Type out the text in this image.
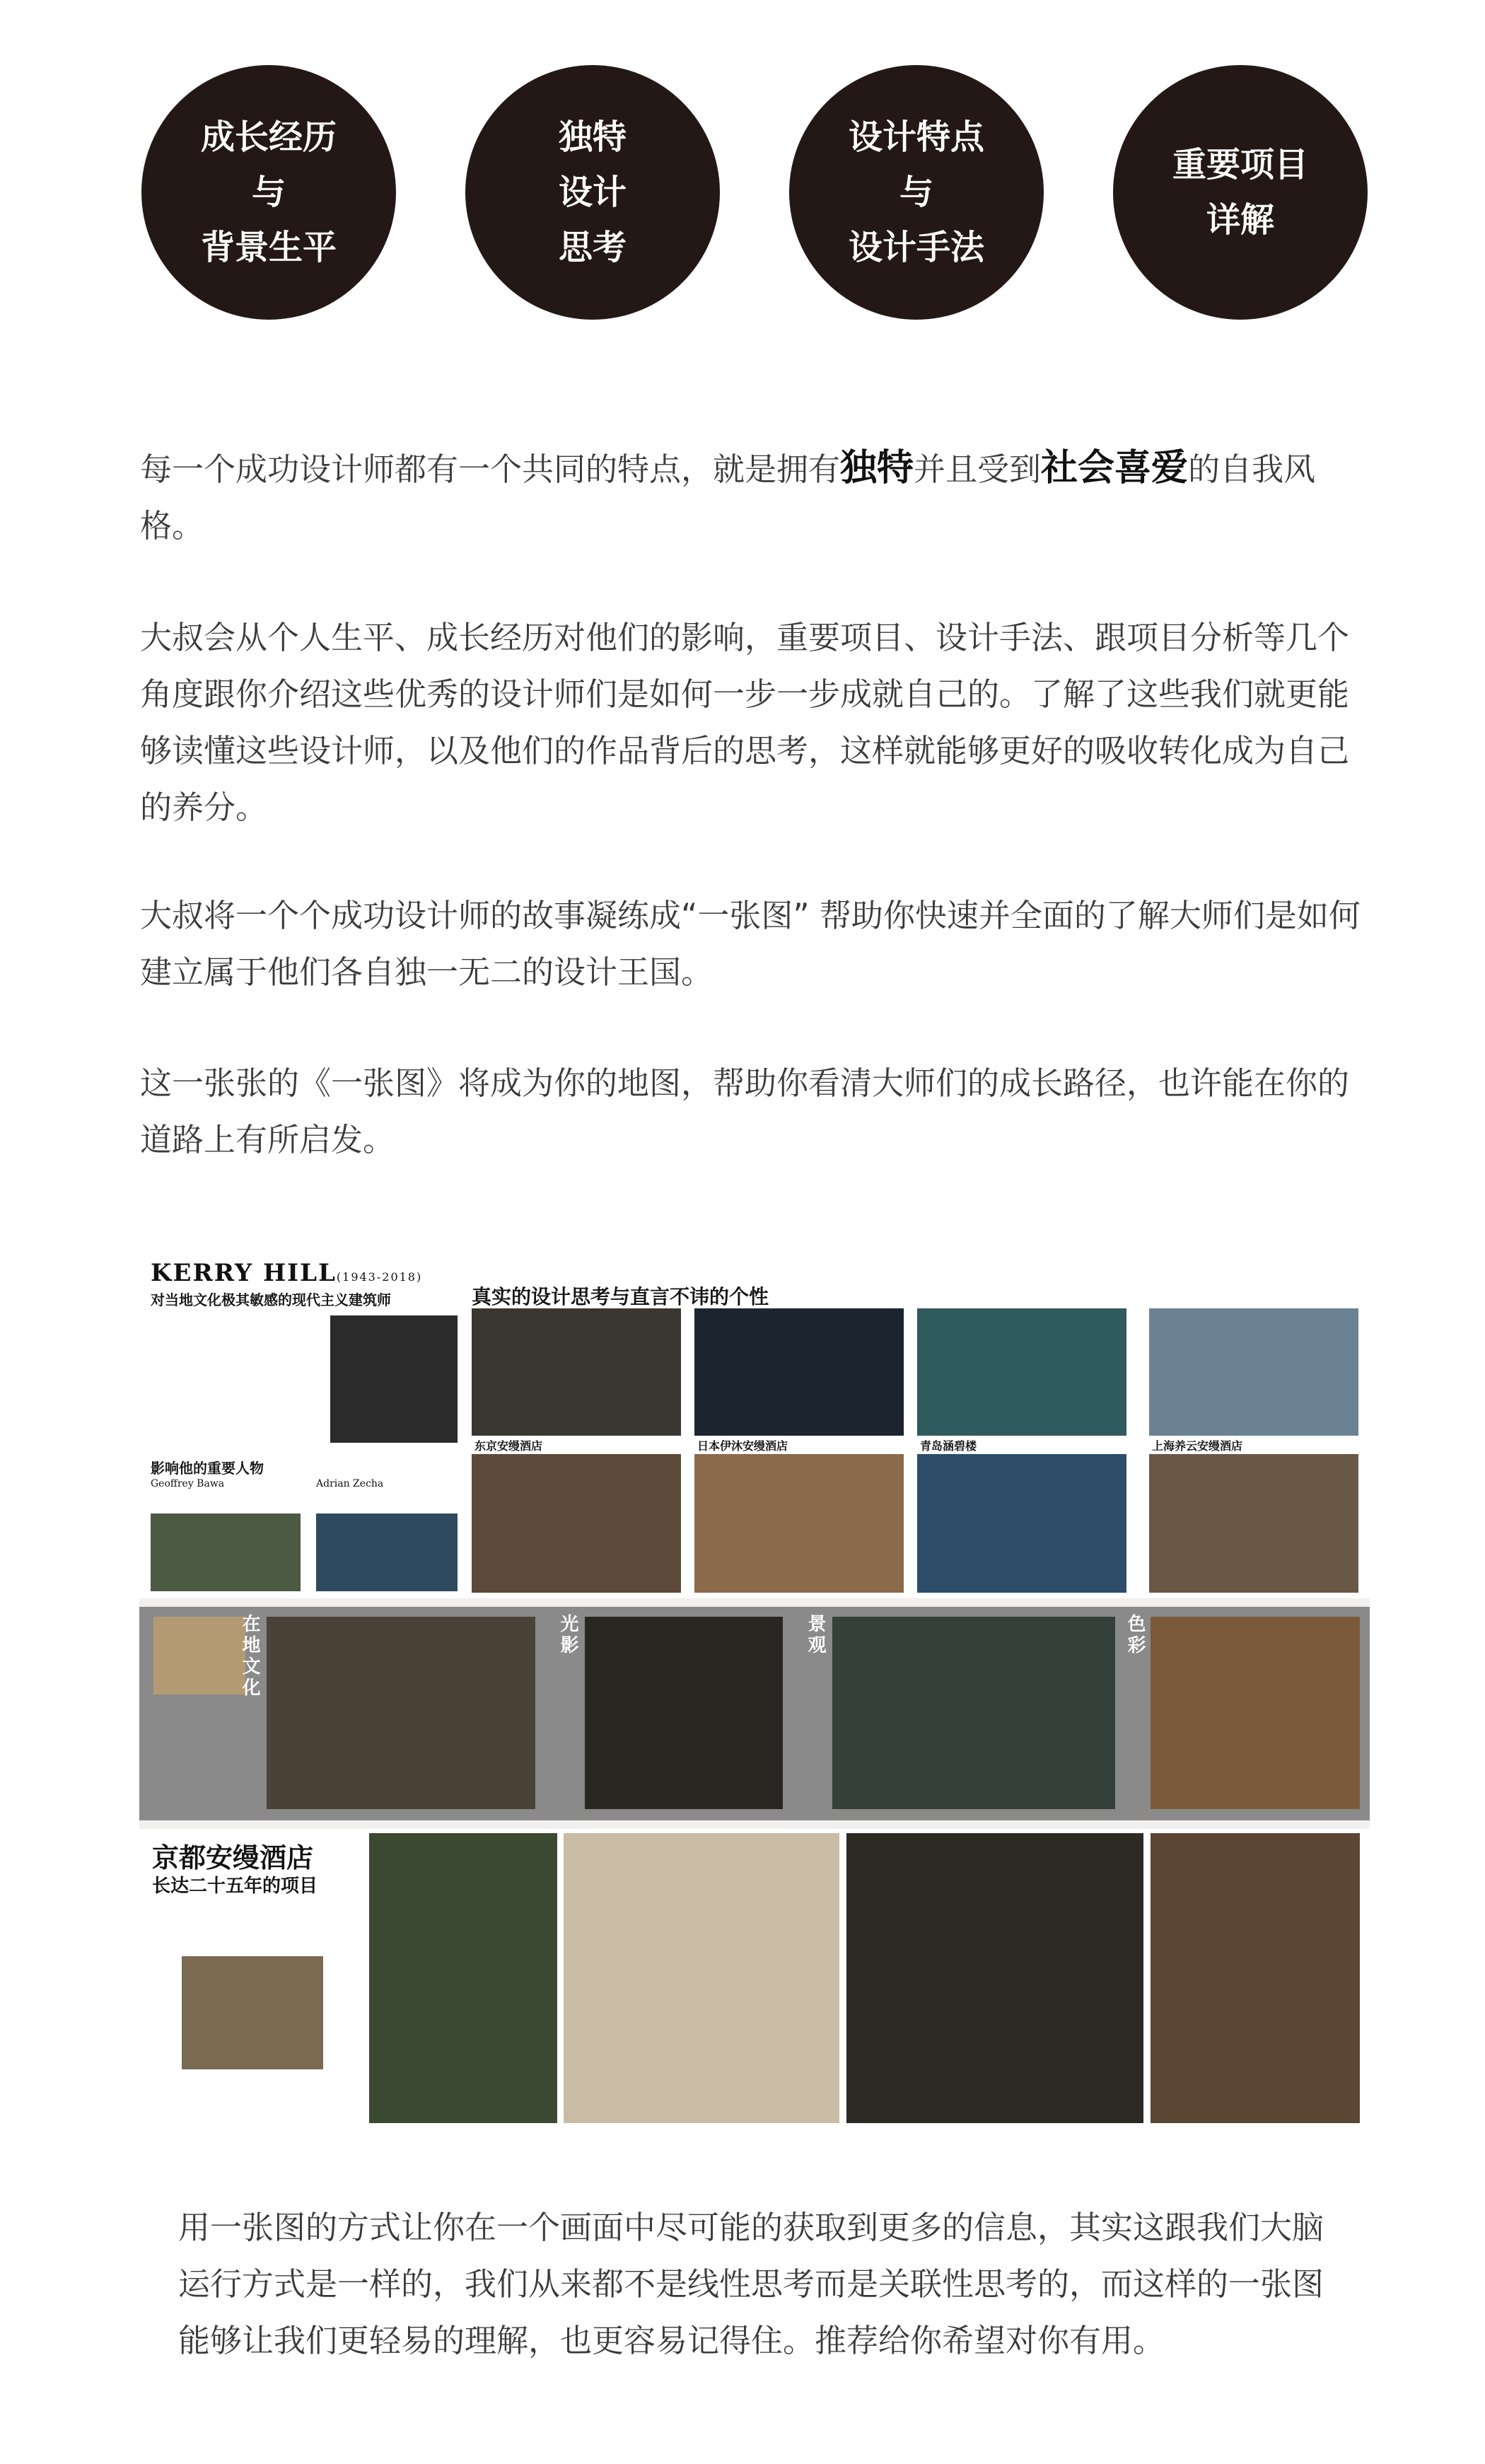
成长经历
与
背景生平
独特
设计
思考
设计特点
与
设计手法
重要项目
详解
每一个成功设计师都有一个共同的特点，就是拥有独特并且受到社会喜爱的自我风格。
大叔会从个人生平、成长经历对他们的影响，重要项目、设计手法、跟项目分析等几个角度跟你介绍这些优秀的设计师们是如何一步一步成就自己的。了解了这些我们就更能够读懂这些设计师，以及他们的作品背后的思考，这样就能够更好的吸收转化成为自己的养分。
大叔将一个个成功设计师的故事凝练成“一张图” 帮助你快速并全面的了解大师们是如何建立属于他们各自独一无二的设计王国。
这一张张的《一张图》将成为你的地图，帮助你看清大师们的成长路径，也许能在你的道路上有所启发。
KERRY HILL(1943-2018)
对当地文化极其敏感的现代主义建筑师
影响他的重要人物
Geoffrey Bawa	Adrian Zecha
真实的设计思考与直言不讳的个性
东京安缦酒店	日本伊沐安缦酒店	青岛涵碧楼	上海养云安缦酒店
在地文化	光影	景观	色彩
京都安缦酒店
长达二十五年的项目
用一张图的方式让你在一个画面中尽可能的获取到更多的信息，其实这跟我们大脑运行方式是一样的，我们从来都不是线性思考而是关联性思考的，而这样的一张图能够让我们更轻易的理解，也更容易记得住。推荐给你希望对你有用。
